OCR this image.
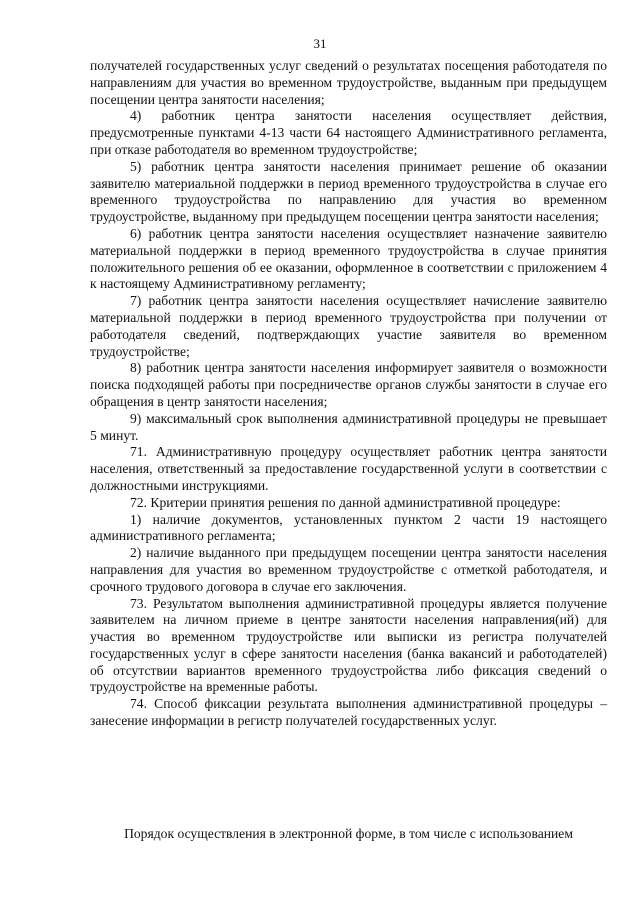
31

получателей государственных услуг сведений о результатах посещения работодателя по направлениям для участия во временном трудоустройстве, выданным при предыдущем посещении центра занятости населения;

4) работник центра занятости населения осуществляет действия, предусмотренные пунктами 4-13 части 64 настоящего Административного регламента, при отказе работодателя во временном трудоустройстве;

5) работник центра занятости населения принимает решение об оказании заявителю материальной поддержки в период временного трудоустройства в случае его временного трудоустройства по направлению для участия во временном трудоустройстве, выданному при предыдущем посещении центра занятости населения;

6) работник центра занятости населения осуществляет назначение заявителю материальной поддержки в период временного трудоустройства в случае принятия положительного решения об ее оказании, оформленное в соответствии с приложением 4 к настоящему Административному регламенту;

7) работник центра занятости населения осуществляет начисление заявителю материальной поддержки в период временного трудоустройства при получении от работодателя сведений, подтверждающих участие заявителя во временном трудоустройстве;

8) работник центра занятости населения информирует заявителя о возможности поиска подходящей работы при посредничестве органов службы занятости в случае его обращения в центр занятости населения;

9) максимальный срок выполнения административной процедуры не превышает 5 минут.

71. Административную процедуру осуществляет работник центра занятости населения, ответственный за предоставление государственной услуги в соответствии с должностными инструкциями.

72. Критерии принятия решения по данной административной процедуре:

1) наличие документов, установленных пунктом 2 части 19 настоящего административного регламента;

2) наличие выданного при предыдущем посещении центра занятости населения направления для участия во временном трудоустройстве с отметкой работодателя, и срочного трудового договора в случае его заключения.

73. Результатом выполнения административной процедуры является получение заявителем на личном приеме в центре занятости населения направления(ий) для участия во временном трудоустройстве или выписки из регистра получателей государственных услуг в сфере занятости населения (банка вакансий и работодателей) об отсутствии вариантов временного трудоустройства либо фиксация сведений о трудоустройстве на временные работы.

74. Способ фиксации результата выполнения административной процедуры – занесение информации в регистр получателей государственных услуг.

Порядок осуществления в электронной форме, в том числе с использованием
